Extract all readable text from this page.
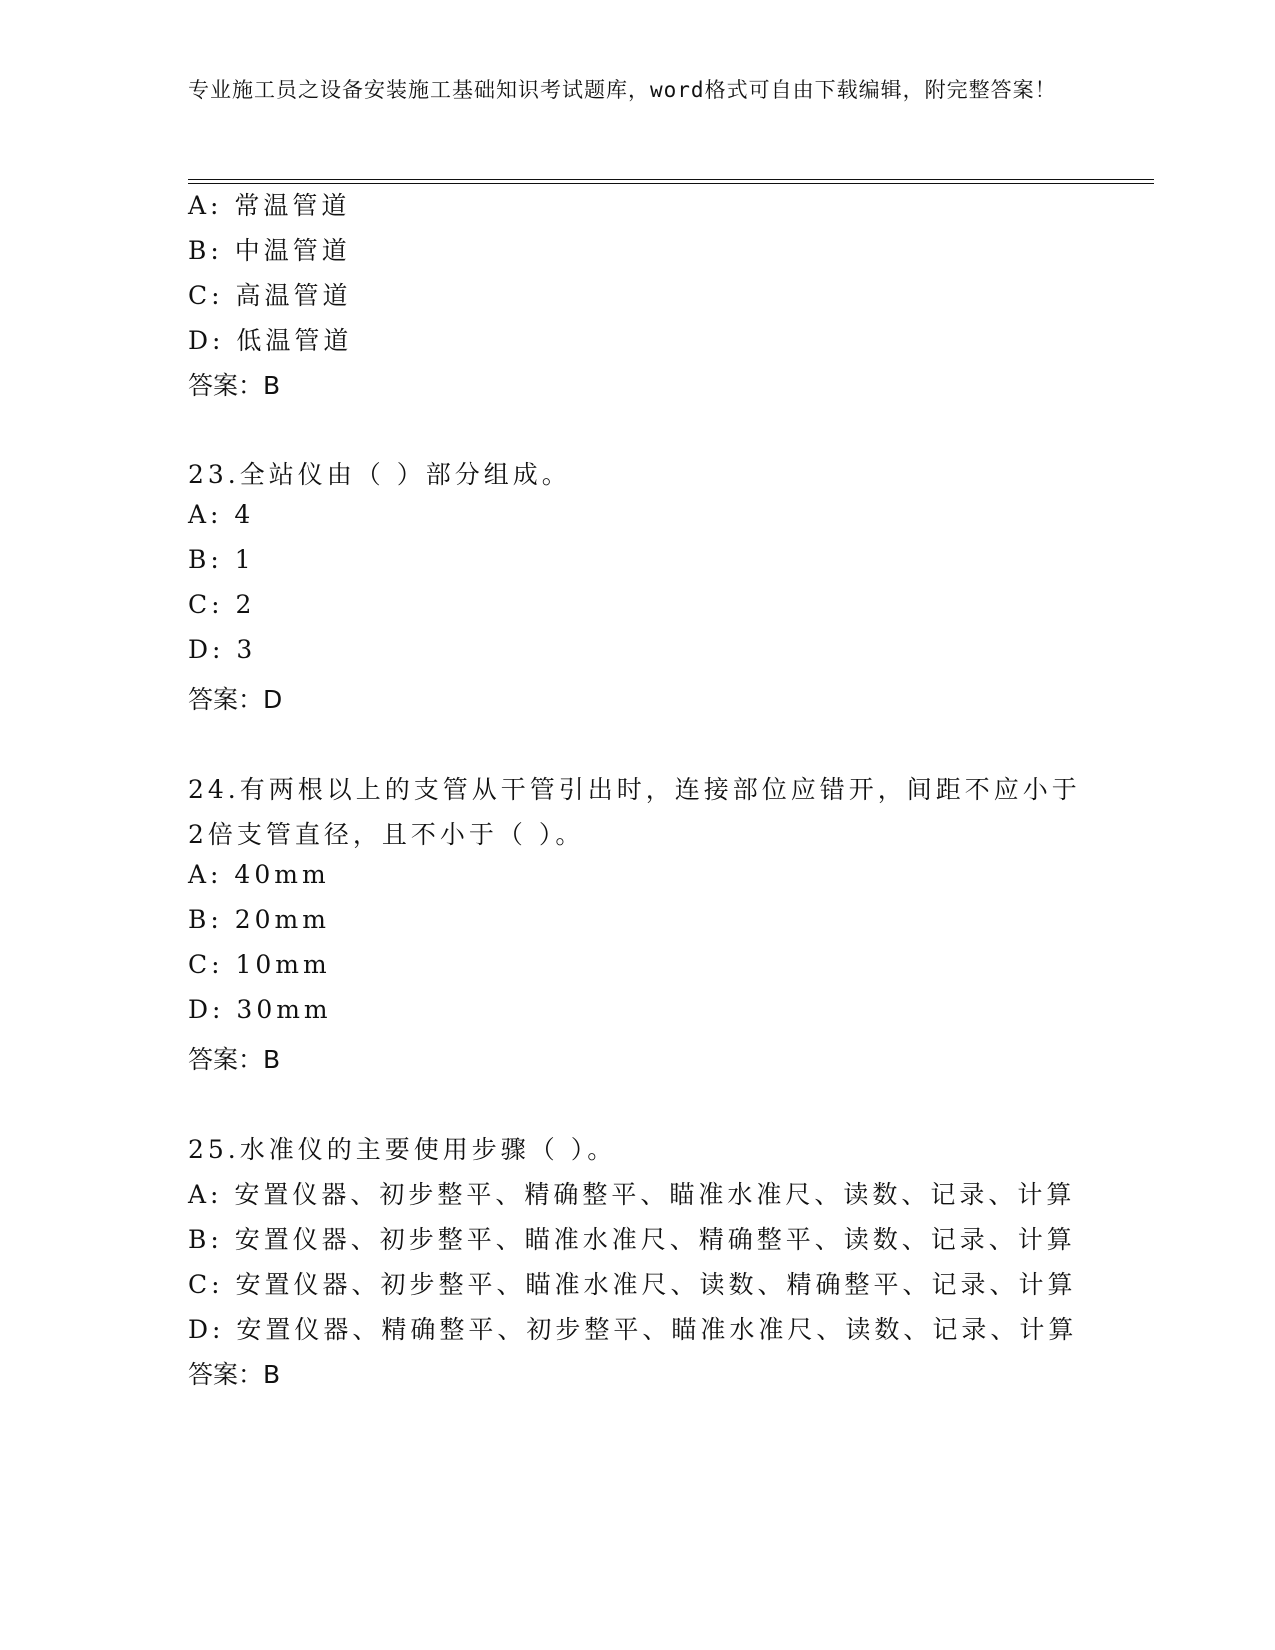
专业施工员之设备安装施工基础知识考试题库，word格式可自由下载编辑，附完整答案！
A: 常温管道
B: 中温管道
C: 高温管道
D: 低温管道
答案：B
23.全站仪由（ ）部分组成。
A: 4
B: 1
C: 2
D: 3
答案：D
24.有两根以上的支管从干管引出时，连接部位应错开，间距不应小于
2倍支管直径，且不小于（ ）。
A: 40mm
B: 20mm
C: 10mm
D: 30mm
答案：B
25.水准仪的主要使用步骤（ ）。
A: 安置仪器、初步整平、精确整平、瞄准水准尺、读数、记录、计算
B: 安置仪器、初步整平、瞄准水准尺、精确整平、读数、记录、计算
C: 安置仪器、初步整平、瞄准水准尺、读数、精确整平、记录、计算
D: 安置仪器、精确整平、初步整平、瞄准水准尺、读数、记录、计算
答案：B
